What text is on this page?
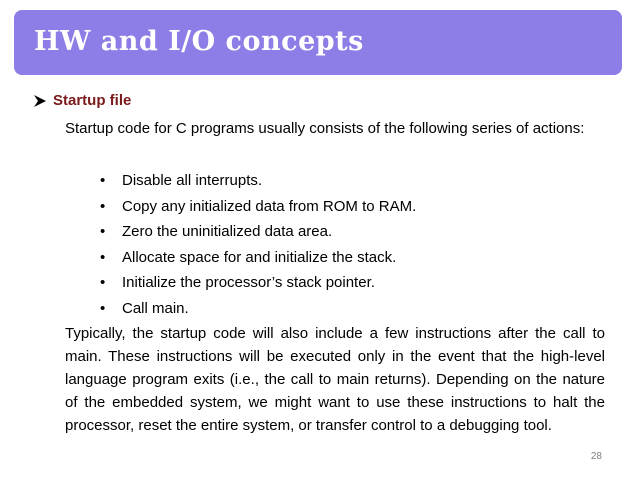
HW and I/O concepts
Startup file
Startup code for C programs usually consists of the following series of actions:
•	Disable all interrupts.
•	Copy any initialized data from ROM to RAM.
•	Zero the uninitialized data area.
•	Allocate space for and initialize the stack.
•	Initialize the processor’s stack pointer.
•	Call main.
Typically, the startup code will also include a few instructions after the call to main. These instructions will be executed only in the event that the high-level language program exits (i.e., the call to main returns). Depending on the nature of the embedded system, we might want to use these instructions to halt the processor, reset the entire system, or transfer control to a debugging tool.
28
